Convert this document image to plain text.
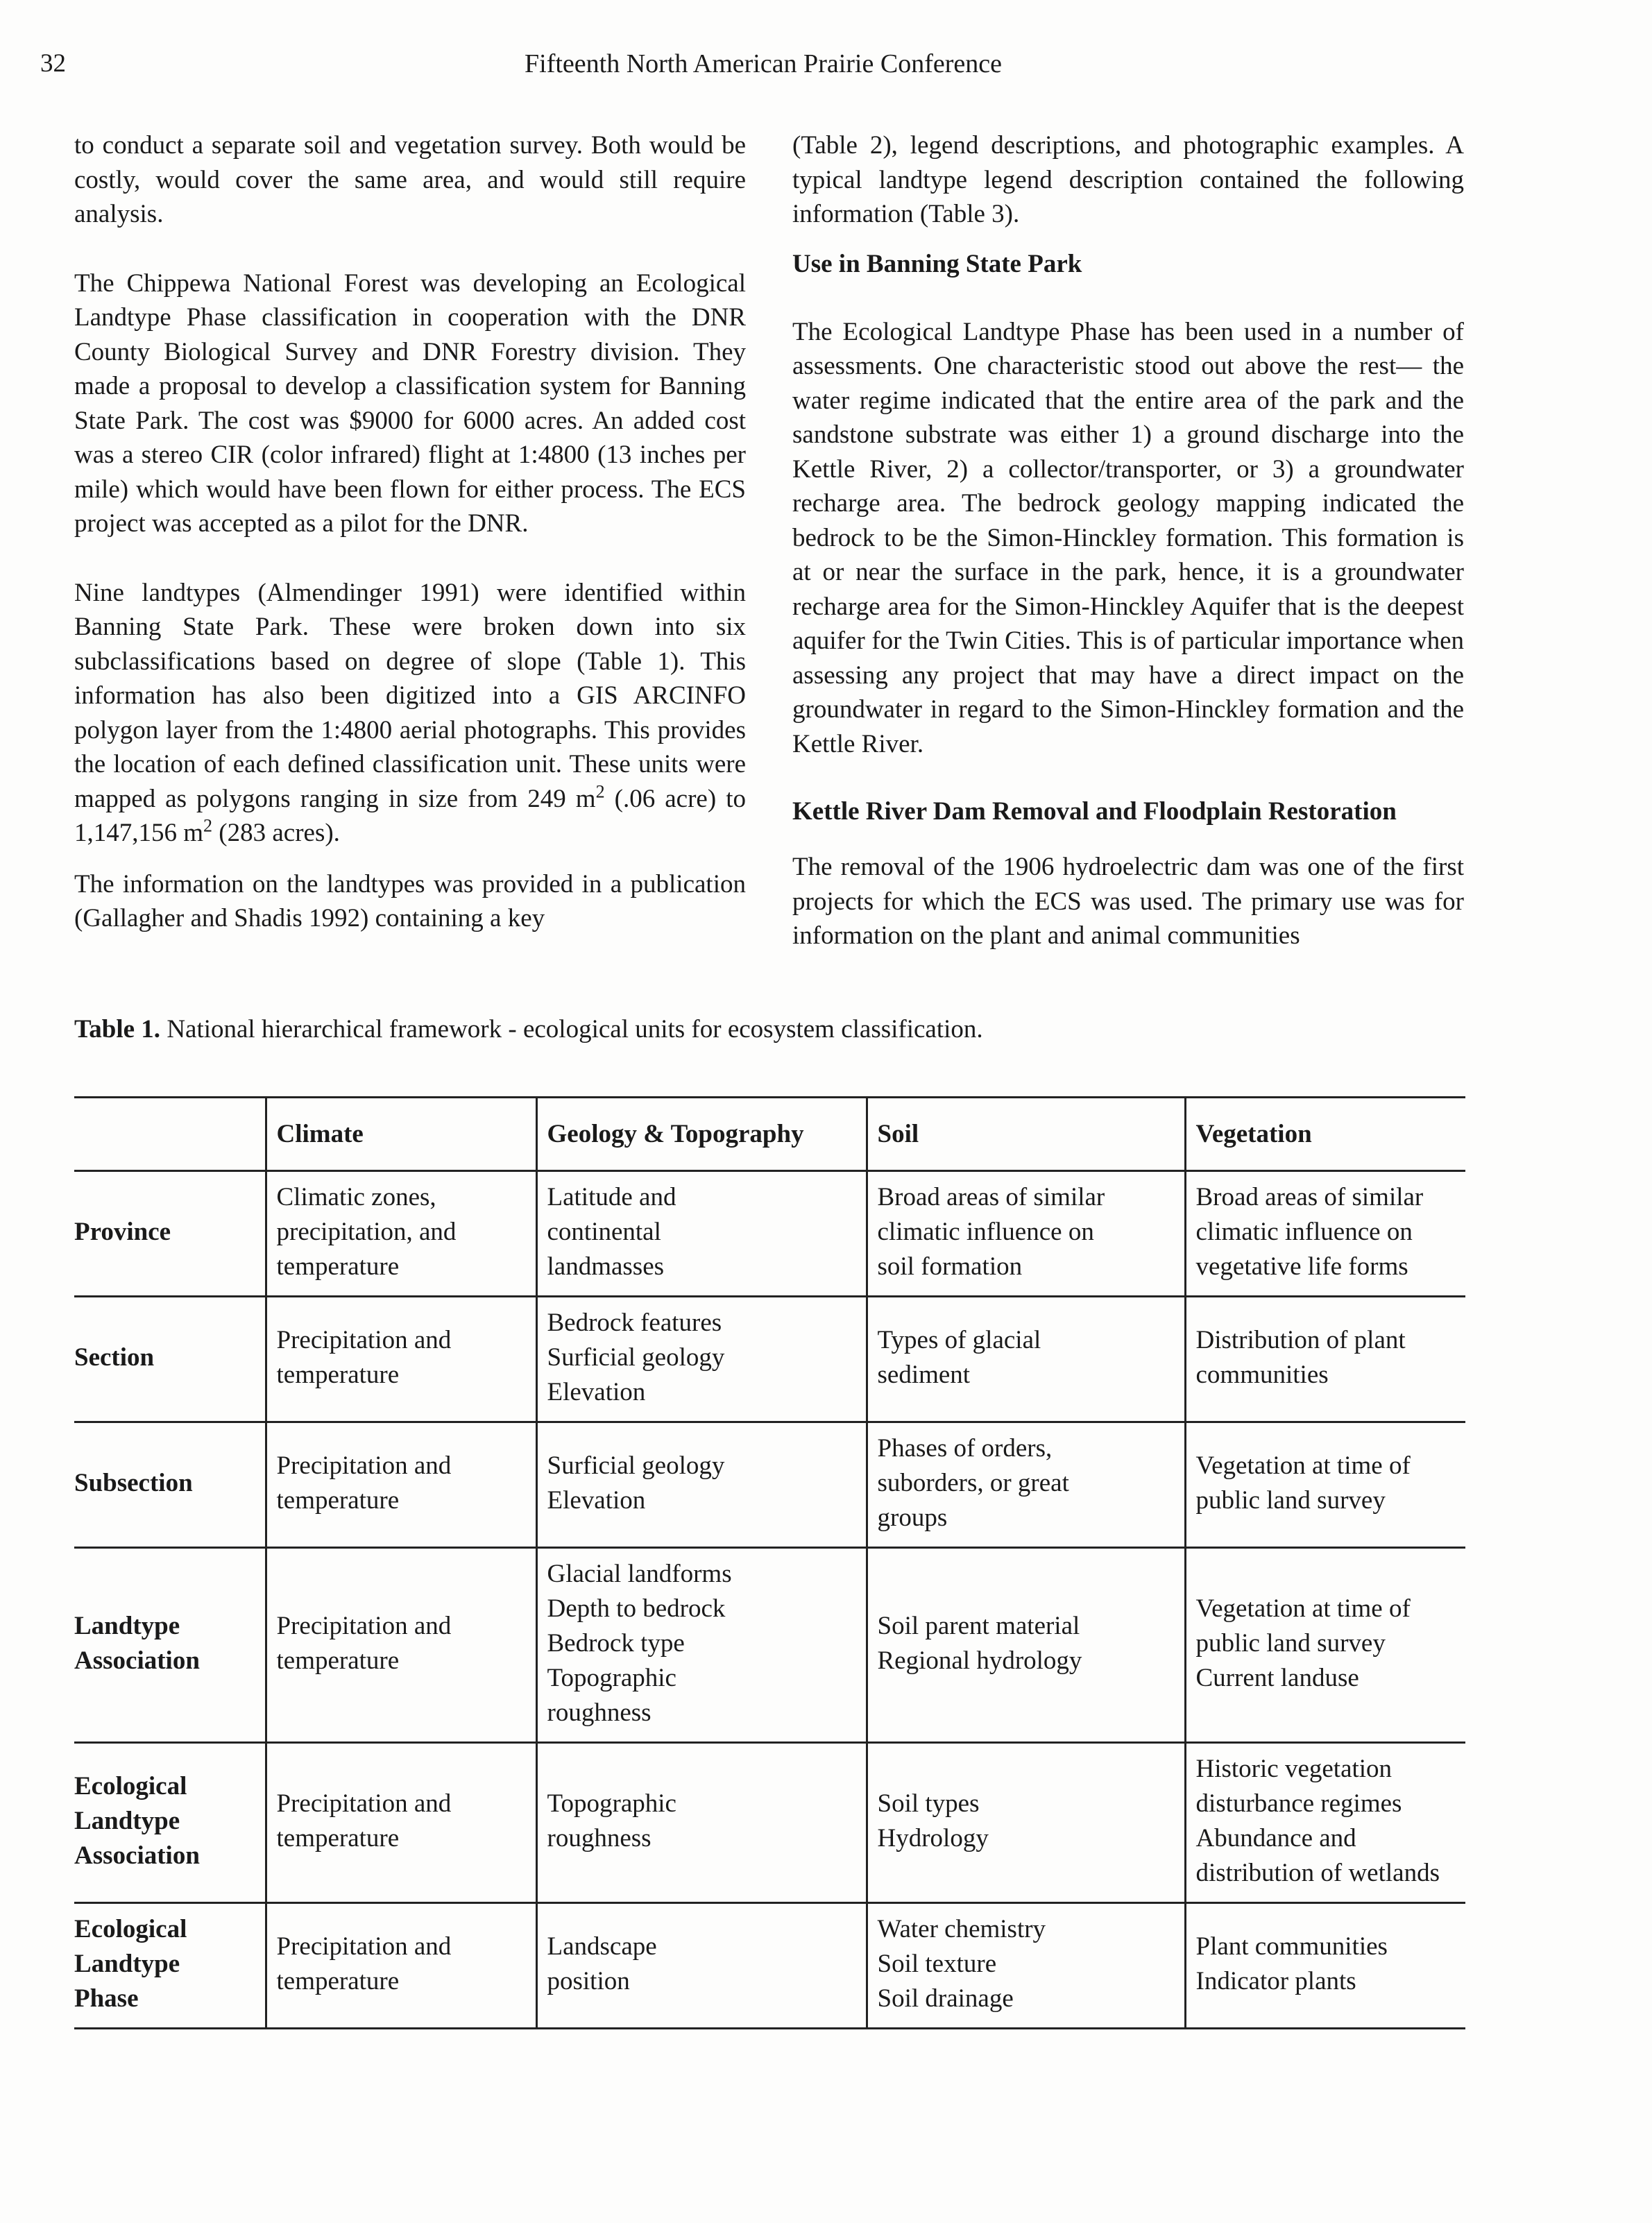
32	Fifteenth North American Prairie Conference

to conduct a separate soil and vegetation survey. Both would be costly, would cover the same area, and would still require analysis.

The Chippewa National Forest was developing an Ecological Landtype Phase classification in cooperation with the DNR County Biological Survey and DNR Forestry division. They made a proposal to develop a classification system for Banning State Park. The cost was $9000 for 6000 acres. An added cost was a stereo CIR (color infrared) flight at 1:4800 (13 inches per mile) which would have been flown for either process. The ECS project was accepted as a pilot for the DNR.

Nine landtypes (Almendinger 1991) were identified within Banning State Park. These were broken down into six subclassifications based on degree of slope (Table 1). This information has also been digitized into a GIS ARCINFO polygon layer from the 1:4800 aerial photographs. This provides the location of each defined classification unit. These units were mapped as polygons ranging in size from 249 $m^2$ (.06 acre) to 1,147,156 $m^2$ (283 acres).

The information on the landtypes was provided in a publication (Gallagher and Shadis 1992) containing a key

(Table 2), legend descriptions, and photographic examples. A typical landtype legend description contained the following information (Table 3).

Use in Banning State Park

The Ecological Landtype Phase has been used in a number of assessments. One characteristic stood out above the rest— the water regime indicated that the entire area of the park and the sandstone substrate was either 1) a ground discharge into the Kettle River, 2) a collector/transporter, or 3) a groundwater recharge area. The bedrock geology mapping indicated the bedrock to be the Simon-Hinckley formation. This formation is at or near the surface in the park, hence, it is a groundwater recharge area for the Simon-Hinckley Aquifer that is the deepest aquifer for the Twin Cities. This is of particular importance when assessing any project that may have a direct impact on the groundwater in regard to the Simon-Hinckley formation and the Kettle River.

Kettle River Dam Removal and Floodplain Restoration

The removal of the 1906 hydroelectric dam was one of the first projects for which the ECS was used. The primary use was for information on the plant and animal communities

Table 1. National hierarchical framework - ecological units for ecosystem classification.
	Climate	Geology & Topography	Soil	Vegetation

Province	Climatic zones,
precipitation, and
temperature	Latitude and
continental
landmasses	Broad areas of similar
climatic influence on
soil formation	Broad areas of similar
climatic influence on
vegetative life forms

Section	Precipitation and
temperature	Bedrock features
Surficial geology
Elevation	Types of glacial
sediment	Distribution of plant
communities

Subsection	Precipitation and
temperature	Surficial geology
Elevation	Phases of orders,
suborders, or great
groups	Vegetation at time of
public land survey

Landtype
Association	Precipitation and
temperature	Glacial landforms
Depth to bedrock
Bedrock type
Topographic
roughness	Soil parent material
Regional hydrology	Vegetation at time of
public land survey
Current landuse

Ecological
Landtype
Association	Precipitation and
temperature	Topographic
roughness	Soil types
Hydrology	Historic vegetation
disturbance regimes
Abundance and
distribution of wetlands

Ecological
Landtype
Phase	Precipitation and
temperature	Landscape
position	Water chemistry
Soil texture
Soil drainage	Plant communities
Indicator plants
